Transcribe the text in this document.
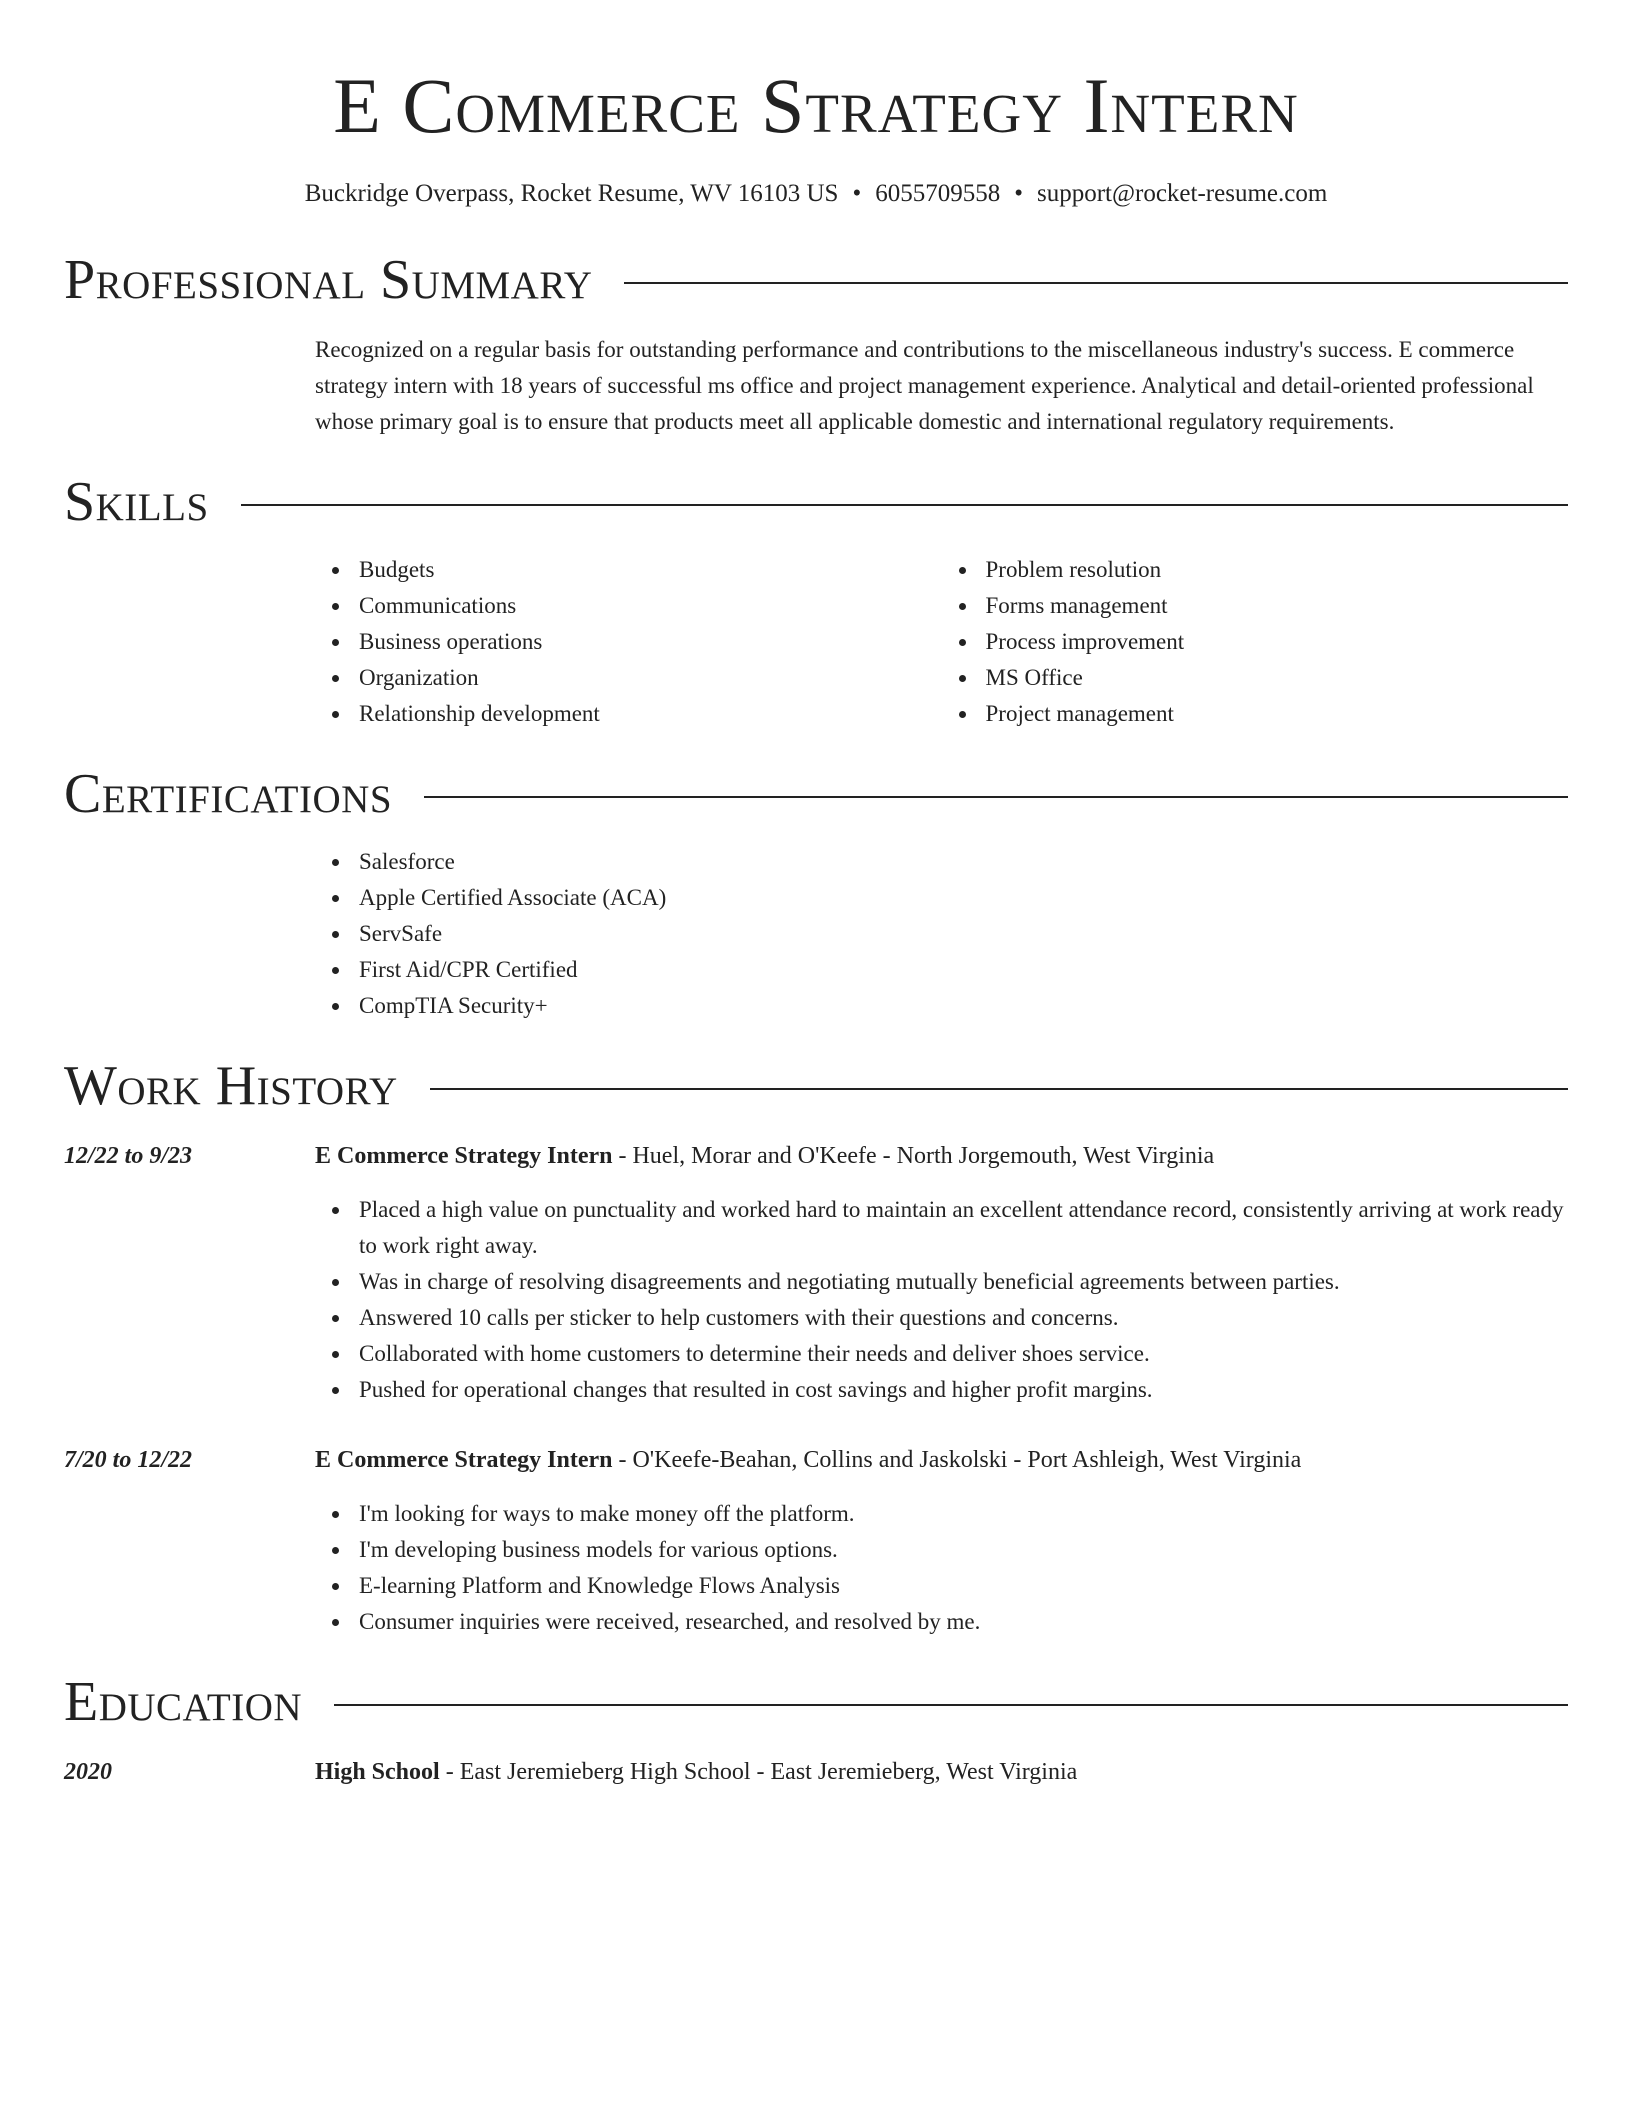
E Commerce Strategy Intern
Buckridge Overpass, Rocket Resume, WV 16103 US • 6055709558 • support@rocket-resume.com
Professional Summary
Recognized on a regular basis for outstanding performance and contributions to the miscellaneous industry's success. E commerce strategy intern with 18 years of successful ms office and project management experience. Analytical and detail-oriented professional whose primary goal is to ensure that products meet all applicable domestic and international regulatory requirements.
Skills
Budgets
Communications
Business operations
Organization
Relationship development
Problem resolution
Forms management
Process improvement
MS Office
Project management
Certifications
Salesforce
Apple Certified Associate (ACA)
ServSafe
First Aid/CPR Certified
CompTIA Security+
Work History
12/22 to 9/23	E Commerce Strategy Intern - Huel, Morar and O'Keefe - North Jorgemouth, West Virginia
Placed a high value on punctuality and worked hard to maintain an excellent attendance record, consistently arriving at work ready to work right away.
Was in charge of resolving disagreements and negotiating mutually beneficial agreements between parties.
Answered 10 calls per sticker to help customers with their questions and concerns.
Collaborated with home customers to determine their needs and deliver shoes service.
Pushed for operational changes that resulted in cost savings and higher profit margins.
7/20 to 12/22	E Commerce Strategy Intern - O'Keefe-Beahan, Collins and Jaskolski - Port Ashleigh, West Virginia
I'm looking for ways to make money off the platform.
I'm developing business models for various options.
E-learning Platform and Knowledge Flows Analysis
Consumer inquiries were received, researched, and resolved by me.
Education
2020	High School - East Jeremieberg High School - East Jeremieberg, West Virginia
